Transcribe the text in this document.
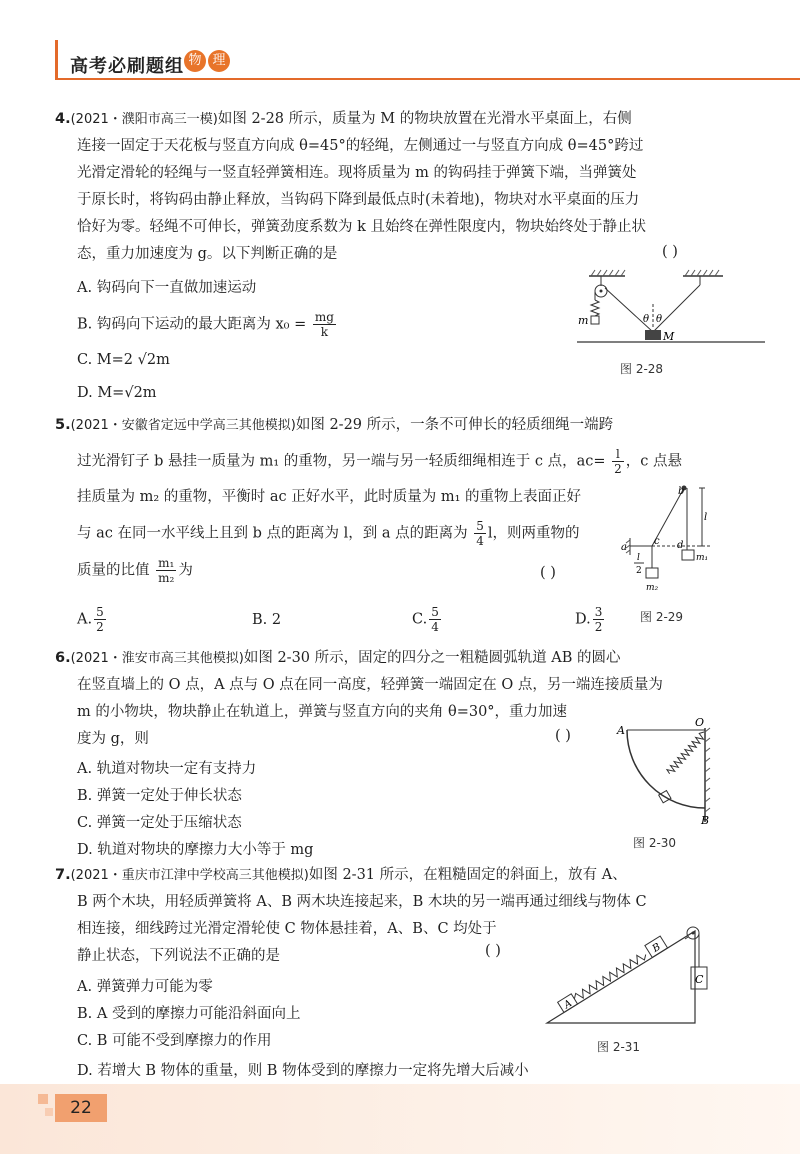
高考必刷题组 物 理
4.(2021・濮阳市高三一模)如图 2-28 所示，质量为 M 的物块放置在光滑水平桌面上，右侧
连接一固定于天花板与竖直方向成 θ=45°的轻绳，左侧通过一与竖直方向成 θ=45°跨过
光滑定滑轮的轻绳与一竖直轻弹簧相连。现将质量为 m 的钩码挂于弹簧下端，当弹簧处
于原长时，将钩码由静止释放，当钩码下降到最低点时(未着地)，物块对水平桌面的压力
恰好为零。轻绳不可伸长，弹簧劲度系数为 k 且始终在弹性限度内，物块始终处于静止状
态，重力加速度为 g。以下判断正确的是	( )
A. 钩码向下一直做加速运动
B. 钩码向下运动的最大距离为 $x_0 = \frac{mg}{k}$
C. M=2 √2m
D. M=√2m
m	θ θ
M
图 2-28
5.(2021・安徽省定远中学高三其他模拟)如图 2-29 所示，一条不可伸长的轻质细绳一端跨
过光滑钉子 b 悬挂一质量为 m₁ 的重物，另一端与另一轻质细绳相连于 c 点，$ac= \frac{l}{2}$ ，c 点悬
挂质量为 m₂ 的重物，平衡时 ac 正好水平，此时质量为 m₁ 的重物上表面正好
与 ac 在同一水平线上且到 b 点的距离为 l，到 a 点的距离为 $\frac{5}{4}$ l，则两重物的
质量的比值 $\frac{\text{m₁}}{\text{m₂}}$ 为	( )
A. $\frac{5}{2}$	B. 2	C. $\frac{5}{4}$	D. $\frac{3}{2}$
a
b
m₁
d
c
m₂
l
l
2
图 2-29
6.(2021・淮安市高三其他模拟)如图 2-30 所示，固定的四分之一粗糙圆弧轨道 AB 的圆心
在竖直墙上的 O 点，A 点与 O 点在同一高度，轻弹簧一端固定在 O 点，另一端连接质量为
m 的小物块，物块静止在轨道上，弹簧与竖直方向的夹角 θ=30°，重力加速
度为 g，则	( )
A. 轨道对物块一定有支持力
B. 弹簧一定处于伸长状态
C. 弹簧一定处于压缩状态
D. 轨道对物块的摩擦力大小等于 mg
A
O
B
图 2-30
7.(2021・重庆市江津中学校高三其他模拟)如图 2-31 所示，在粗糙固定的斜面上，放有 A、
B 两个木块，用轻质弹簧将 A、B 两木块连接起来，B 木块的另一端再通过细线与物体 C
相连接，细线跨过光滑定滑轮使 C 物体悬挂着，A、B、C 均处于
静止状态，下列说法不正确的是	( )
A. 弹簧弹力可能为零
B. A 受到的摩擦力可能沿斜面向上
C. B 可能不受到摩擦力的作用
D. 若增大 B 物体的重量，则 B 物体受到的摩擦力一定将先增大后减小
C
A
B
图 2-31
22
